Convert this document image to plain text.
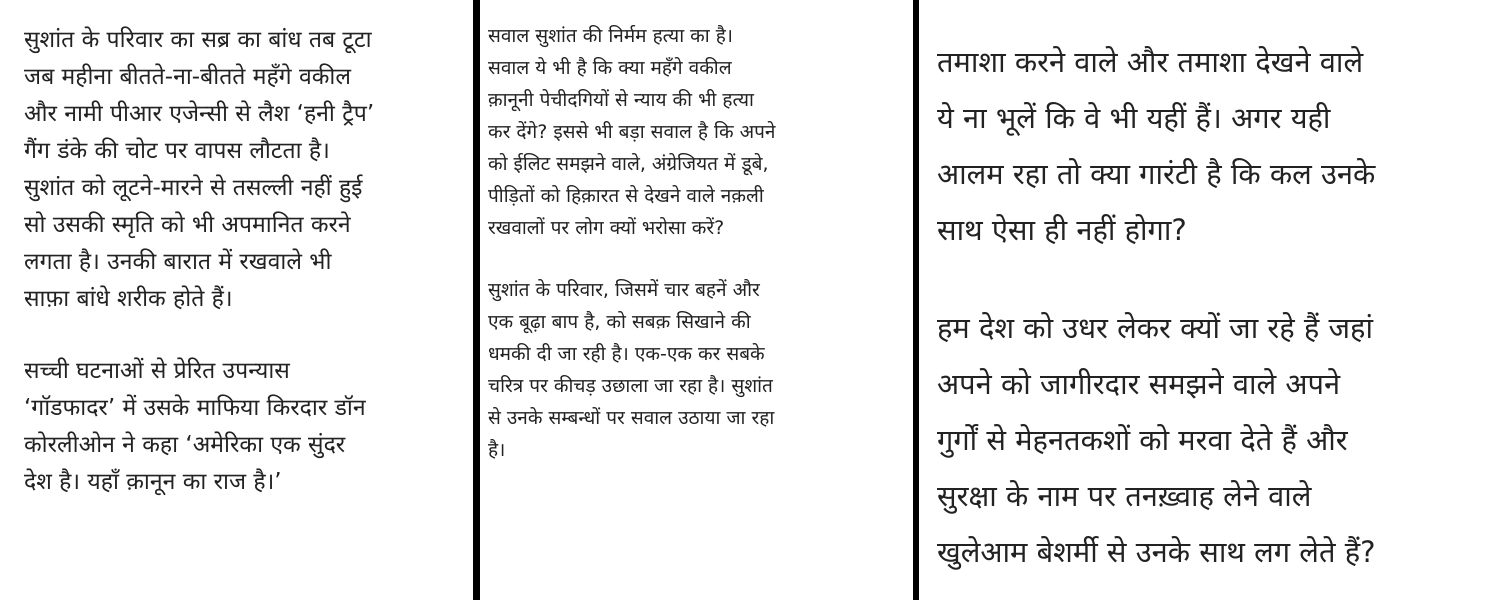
सुशांत के परिवार का सब्र का बांध तब टूटा
जब महीना बीतते-ना-बीतते महँगे वकील
और नामी पीआर एजेन्सी से लैश ‘हनी ट्रैप’
गैंग डंके की चोट पर वापस लौटता है।
सुशांत को लूटने-मारने से तसल्ली नहीं हुई
सो उसकी स्मृति को भी अपमानित करने
लगता है। उनकी बारात में रखवाले भी
साफ़ा बांधे शरीक होते हैं।
सच्ची घटनाओं से प्रेरित उपन्यास
‘गॉडफादर’ में उसके माफिया किरदार डॉन
कोरलीओन ने कहा ‘अमेरिका एक सुंदर
देश है। यहाँ क़ानून का राज है।’
सवाल सुशांत की निर्मम हत्या का है।
सवाल ये भी है कि क्या महँगे वकील
क़ानूनी पेचीदगियों से न्याय की भी हत्या
कर देंगे? इससे भी बड़ा सवाल है कि अपने
को ईलिट समझने वाले, अंग्रेजियत में डूबे,
पीड़ितों को हिक़ारत से देखने वाले नक़ली
रखवालों पर लोग क्यों भरोसा करें?
सुशांत के परिवार, जिसमें चार बहनें और
एक बूढ़ा बाप है, को सबक़ सिखाने की
धमकी दी जा रही है। एक-एक कर सबके
चरित्र पर कीचड़ उछाला जा रहा है। सुशांत
से उनके सम्बन्धों पर सवाल उठाया जा रहा
है।
तमाशा करने वाले और तमाशा देखने वाले
ये ना भूलें कि वे भी यहीं हैं। अगर यही
आलम रहा तो क्या गारंटी है कि कल उनके
साथ ऐसा ही नहीं होगा?
हम देश को उधर लेकर क्यों जा रहे हैं जहां
अपने को जागीरदार समझने वाले अपने
गुर्गों से मेहनतकशों को मरवा देते हैं और
सुरक्षा के नाम पर तनख़्वाह लेने वाले
खुलेआम बेशर्मी से उनके साथ लग लेते हैं?
